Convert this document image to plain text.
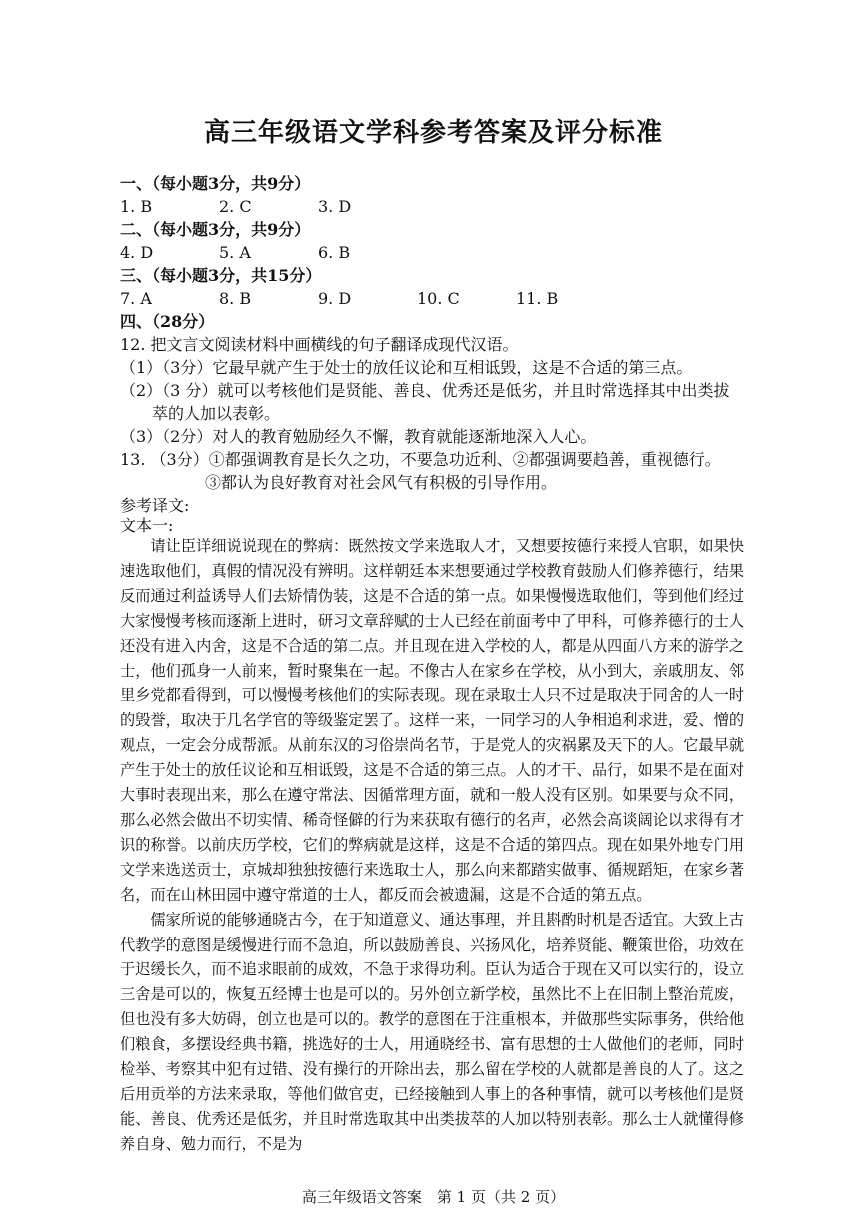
高三年级语文学科参考答案及评分标准
一、（每小题3分，共9分）
1. B	2. C	3. D
二、（每小题3分，共9分）
4. D	5. A	6. B
三、（每小题3分，共15分）
7. A	8. B	9. D	10. C	11. B
四、（28分）
12. 把文言文阅读材料中画横线的句子翻译成现代汉语。
（1）（3分）它最早就产生于处士的放任议论和互相诋毁，这是不合适的第三点。
（2）（3 分）就可以考核他们是贤能、善良、优秀还是低劣，并且时常选择其中出类拔
萃的人加以表彰。
（3）（2分）对人的教育勉励经久不懈，教育就能逐渐地深入人心。
13. （3分）①都强调教育是长久之功，不要急功近利、②都强调要趋善，重视德行。
③都认为良好教育对社会风气有积极的引导作用。
参考译文:
文本一:

请让臣详细说说现在的弊病：既然按文学来选取人才，又想要按德行来授人官职，如果快速选取他们，真假的情况没有辨明。这样朝廷本来想要通过学校教育鼓励人们修养德行，结果反而通过利益诱导人们去矫情伪装，这是不合适的第一点。如果慢慢选取他们，等到他们经过大家慢慢考核而逐渐上进时，研习文章辞赋的士人已经在前面考中了甲科，可修养德行的士人还没有进入内舍，这是不合适的第二点。并且现在进入学校的人，都是从四面八方来的游学之士，他们孤身一人前来，暂时聚集在一起。不像古人在家乡在学校，从小到大，亲戚朋友、邻里乡党都看得到，可以慢慢考核他们的实际表现。现在录取士人只不过是取决于同舍的人一时的毁誉，取决于几名学官的等级鉴定罢了。这样一来，一同学习的人争相追利求进，爱、憎的观点，一定会分成帮派。从前东汉的习俗崇尚名节，于是党人的灾祸累及天下的人。它最早就产生于处士的放任议论和互相诋毁，这是不合适的第三点。人的才干、品行，如果不是在面对大事时表现出来，那么在遵守常法、因循常理方面，就和一般人没有区别。如果要与众不同，那么必然会做出不切实情、稀奇怪僻的行为来获取有德行的名声，必然会高谈阔论以求得有才识的称誉。以前庆历学校，它们的弊病就是这样，这是不合适的第四点。现在如果外地专门用文学来选送贡士，京城却独独按德行来选取士人，那么向来都踏实做事、循规蹈矩，在家乡著名，而在山林田园中遵守常道的士人，都反而会被遗漏，这是不合适的第五点。

儒家所说的能够通晓古今，在于知道意义、通达事理，并且斟酌时机是否适宜。大致上古代教学的意图是缓慢进行而不急迫，所以鼓励善良、兴扬风化，培养贤能、鞭策世俗，功效在于迟缓长久，而不追求眼前的成效，不急于求得功利。臣认为适合于现在又可以实行的，设立三舍是可以的，恢复五经博士也是可以的。另外创立新学校，虽然比不上在旧制上整治荒废，但也没有多大妨碍，创立也是可以的。教学的意图在于注重根本，并做那些实际事务，供给他们粮食，多摆设经典书籍，挑选好的士人，用通晓经书、富有思想的士人做他们的老师，同时检举、考察其中犯有过错、没有操行的开除出去，那么留在学校的人就都是善良的人了。这之后用贡举的方法来录取，等他们做官吏，已经接触到人事上的各种事情，就可以考核他们是贤能、善良、优秀还是低劣，并且时常选取其中出类拔萃的人加以特别表彰。那么士人就懂得修养自身、勉力而行，不是为

高三年级语文答案　第 1 页（共 2 页）
